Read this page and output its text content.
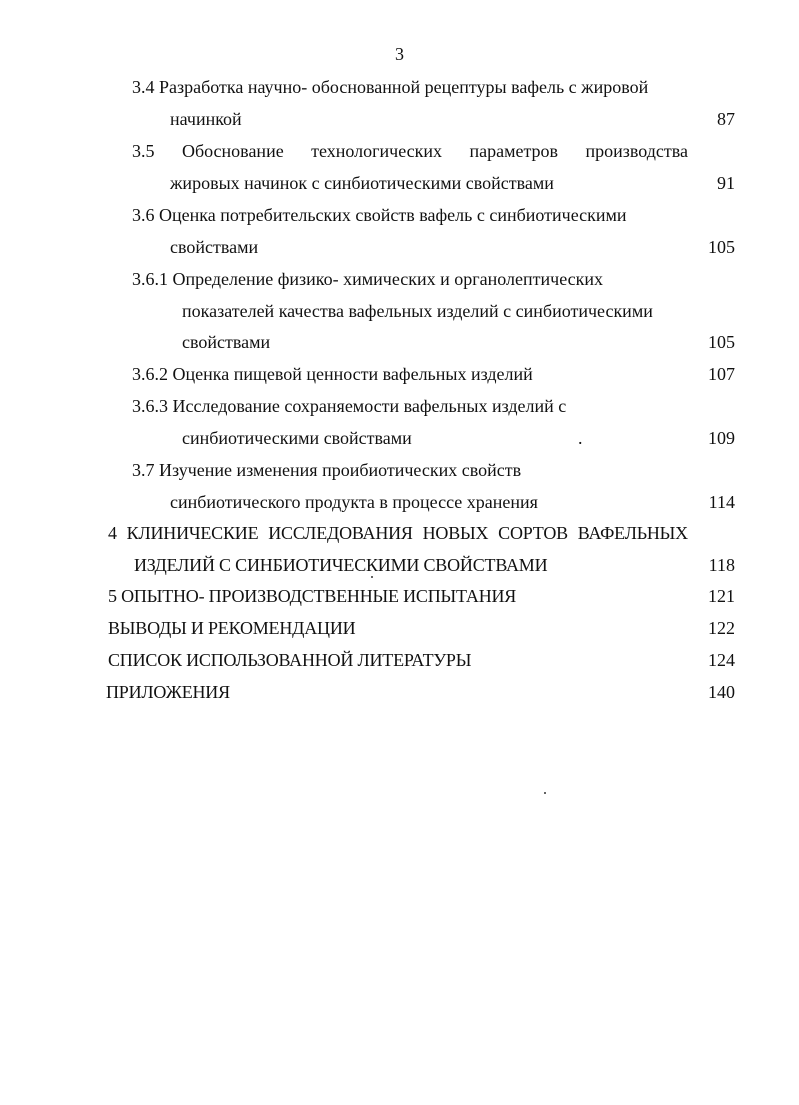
3
3.4 Разработка научно- обоснованной рецептуры вафель с жировой
начинкой	87
3.5 Обоснование технологических параметров производства
жировых начинок с синбиотическими свойствами	91
3.6 Оценка потребительских свойств вафель с синбиотическими
свойствами	105
3.6.1 Определение физико- химических и органолептических
показателей качества вафельных изделий с синбиотическими
свойствами	105
3.6.2 Оценка пищевой ценности вафельных изделий	107
3.6.3 Исследование сохраняемости вафельных изделий с
синбиотическими свойствами	.	109
3.7 Изучение изменения проибиотических свойств
синбиотического продукта в процессе хранения	114
4 КЛИНИЧЕСКИЕ ИССЛЕДОВАНИЯ НОВЫХ СОРТОВ ВАФЕЛЬНЫХ
ИЗДЕЛИЙ С СИНБИОТИЧЕСКИМИ СВОЙСТВАМИ	118
5 ОПЫТНО- ПРОИЗВОДСТВЕННЫЕ ИСПЫТАНИЯ	121
ВЫВОДЫ И РЕКОМЕНДАЦИИ	122
СПИСОК ИСПОЛЬЗОВАННОЙ ЛИТЕРАТУРЫ	124
ПРИЛОЖЕНИЯ	140
